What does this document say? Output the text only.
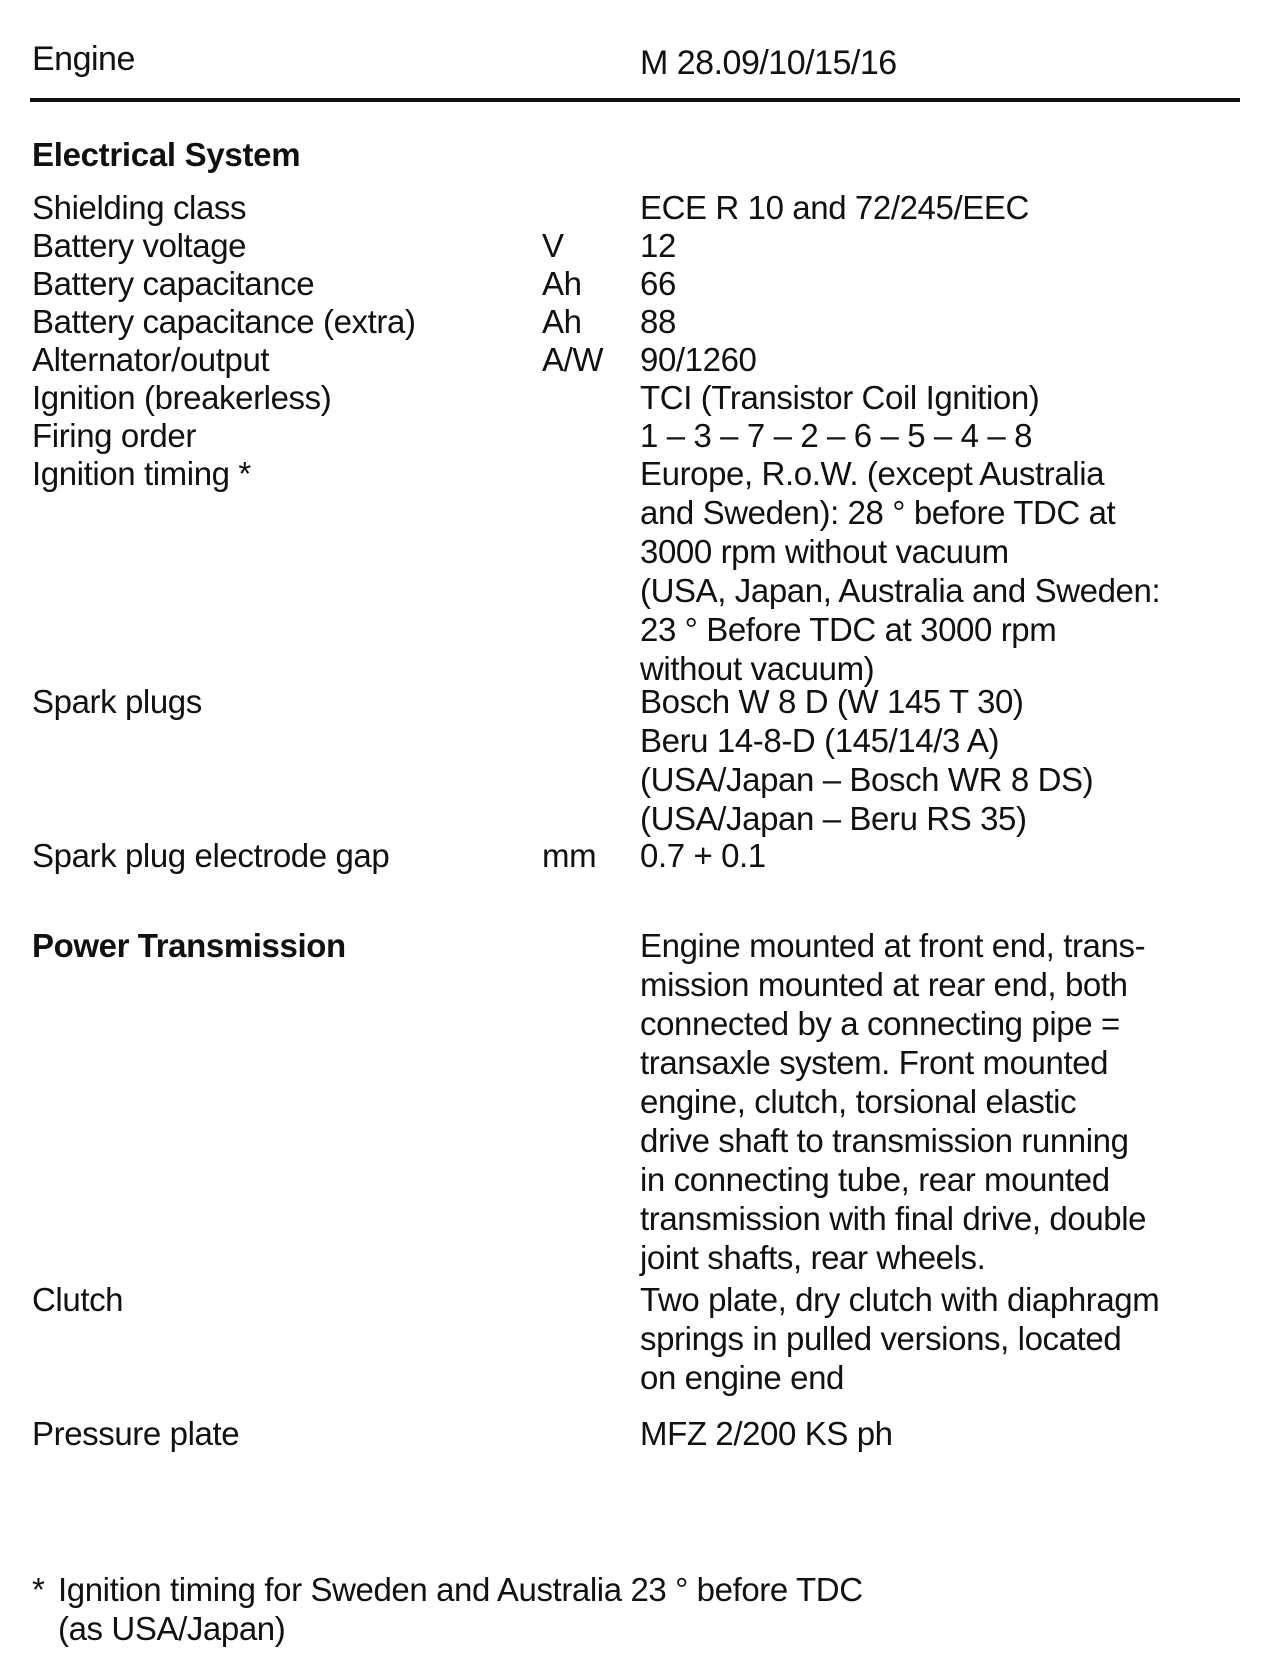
Engine	M 28.09/10/15/16
Electrical System
Shielding class	ECE R 10 and 72/245/EEC
Battery voltage	V 12
Battery capacitance	Ah 66
Battery capacitance (extra)	Ah 88
Alternator/output	A/W 90/1260
Ignition (breakerless)	TCI (Transistor Coil Ignition)
Firing order	1 – 3 – 7 – 2 – 6 – 5 – 4 – 8
Ignition timing *	Europe, R.o.W. (except Australia
and Sweden): 28 ° before TDC at
3000 rpm without vacuum
(USA, Japan, Australia and Sweden:
23 ° Before TDC at 3000 rpm
without vacuum)
Spark plugs	Bosch W 8 D (W 145 T 30)
Beru 14-8-D (145/14/3 A)
(USA/Japan – Bosch WR 8 DS)
(USA/Japan – Beru RS 35)
Spark plug electrode gap	mm 0.7 + 0.1
Power Transmission	Engine mounted at front end, trans-
mission mounted at rear end, both
connected by a connecting pipe =
transaxle system. Front mounted
engine, clutch, torsional elastic
drive shaft to transmission running
in connecting tube, rear mounted
transmission with final drive, double
joint shafts, rear wheels.
Clutch	Two plate, dry clutch with diaphragm
springs in pulled versions, located
on engine end
Pressure plate	MFZ 2/200 KS ph
* Ignition timing for Sweden and Australia 23 ° before TDC
(as USA/Japan)
